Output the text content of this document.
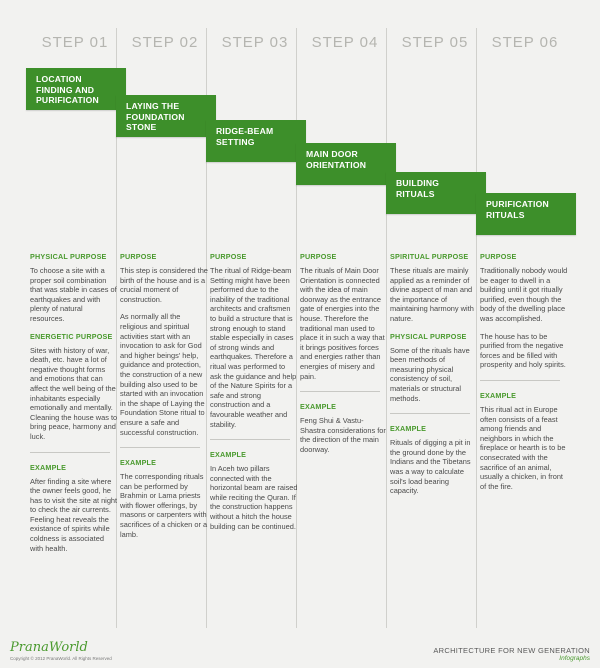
STEP 01
LOCATION
FINDING AND
PURIFICATION
PHYSICAL PURPOSE
To choose a site with a proper soil combination that was stable in cases of earthquakes and with plenty of natural resources.
ENERGETIC PURPOSE
Sites with history of war, death, etc. have a lot of negative thought forms and emotions that can affect the well being of the inhabitants especially emotionally and mentally. Cleaning the house was to bring peace, harmony and luck.
EXAMPLE
After finding a site where the owner feels good, he has to visit the site at night to check the air currents. Feeling heat reveals the existance of spirits while coldness is associated with health.
STEP 02
LAYING THE
FOUNDATION
STONE
PURPOSE
This step is considered the birth of the house and is a crucial moment of construction.
As normally all the religious and spiritual activities start with an invocation to ask for God and higher beings' help, guidance and protection, the construction of a new building also used to be started with an invocation in the shape of Laying the Foundation Stone ritual to ensure a safe and successful construction.
EXAMPLE
The corresponding rituals can be performed by Brahmin or Lama priests with flower offerings, by masons or carpenters with sacrifices of a chicken or a lamb.
STEP 03
RIDGE-BEAM
SETTING
PURPOSE
The ritual of Ridge-beam Setting might have been performed due to the inability of the traditional architects and craftsmen to build a structure that is strong enough to stand stable especially in cases of strong winds and earthquakes. Therefore a ritual was performed to ask the guidance and help of the Nature Spirits for a safe and strong construction and a favourable weather and stability.
EXAMPLE
In Aceh two pillars connected with the horizontal beam are raised while reciting the Quran. If the construction happens without a hitch the house building can be continued.
STEP 04
MAIN DOOR
ORIENTATION
PURPOSE
The rituals of Main Door Orientation is connected with the idea of main doorway as the entrance gate of energies into the house. Therefore the traditional man used to place it in such a way that it brings positives forces and energies rather than energies of misery and pain.
EXAMPLE
Feng Shui & Vastu-Shastra considerations for the direction of the main doorway.
STEP 05
BUILDING
RITUALS
SPIRITUAL PURPOSE
These rituals are mainly applied as a reminder of divine aspect of man and the importance of maintaining harmony with nature.
PHYSICAL PURPOSE
Some of the rituals have been methods of measuring physical consistency of soil, materials or structural methods.
EXAMPLE
Rituals of digging a pit in the ground done by the Indians and the Tibetans was a way to calculate soil's load bearing capacity.
STEP 06
PURIFICATION
RITUALS
PURPOSE
Traditionally nobody would be eager to dwell in a building until it got ritually purified, even though the body of the dwelling place was accomplished.
The house has to be purified from the negative forces and be filled with prosperity and holy spirits.
EXAMPLE
This ritual act in Europe often consists of a feast among friends and neighbors in which the fireplace or hearth is to be consecrated with the sacrifice of an animal, usually a chicken, in front of the fire.
PranaWorld
Copyright © 2012 PranaWorld. All Rights Reserved
ARCHITECTURE FOR NEW GENERATION
Infographs
